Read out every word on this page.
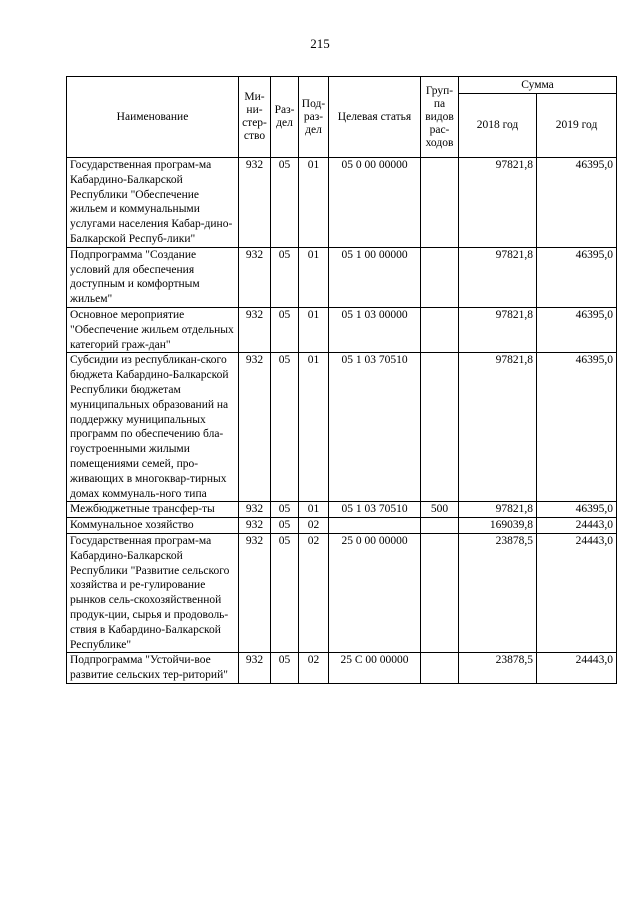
215
Наименование	Ми-ни-стер-ство	Раз-дел	Под-раз-дел	Целевая статья	Груп-па видов рас-ходов	Сумма	
						2018 год	2019 год
Государственная програм-ма Кабардино-Балкарской Республики "Обеспечение жильем и коммунальными услугами населения Кабар-дино-Балкарской Респуб-лики"	932	05	01	05 0 00 00000		97821,8	46395,0
Подпрограмма "Создание условий для обеспечения доступным и комфортным жильем"	932	05	01	05 1 00 00000		97821,8	46395,0
Основное мероприятие "Обеспечение жильем отдельных категорий граж-дан"	932	05	01	05 1 03 00000		97821,8	46395,0
Субсидии из республикан-ского бюджета Кабардино-Балкарской Республики бюджетам муниципальных образований на поддержку муниципальных программ по обеспечению бла-гоустроенными жилыми помещениями семей, про-живающих в многоквар-тирных домах коммуналь-ного типа	932	05	01	05 1 03 70510		97821,8	46395,0
Межбюджетные трансфер-ты	932	05	01	05 1 03 70510	500	97821,8	46395,0
Коммунальное хозяйство	932	05	02			169039,8	24443,0
Государственная програм-ма Кабардино-Балкарской Республики "Развитие сельского хозяйства и ре-гулирование рынков сель-скохозяйственной продук-ции, сырья и продоволь-ствия в Кабардино-Балкарской Республике"	932	05	02	25 0 00 00000		23878,5	24443,0
Подпрограмма "Устойчи-вое развитие сельских тер-риторий"	932	05	02	25 С 00 00000		23878,5	24443,0
